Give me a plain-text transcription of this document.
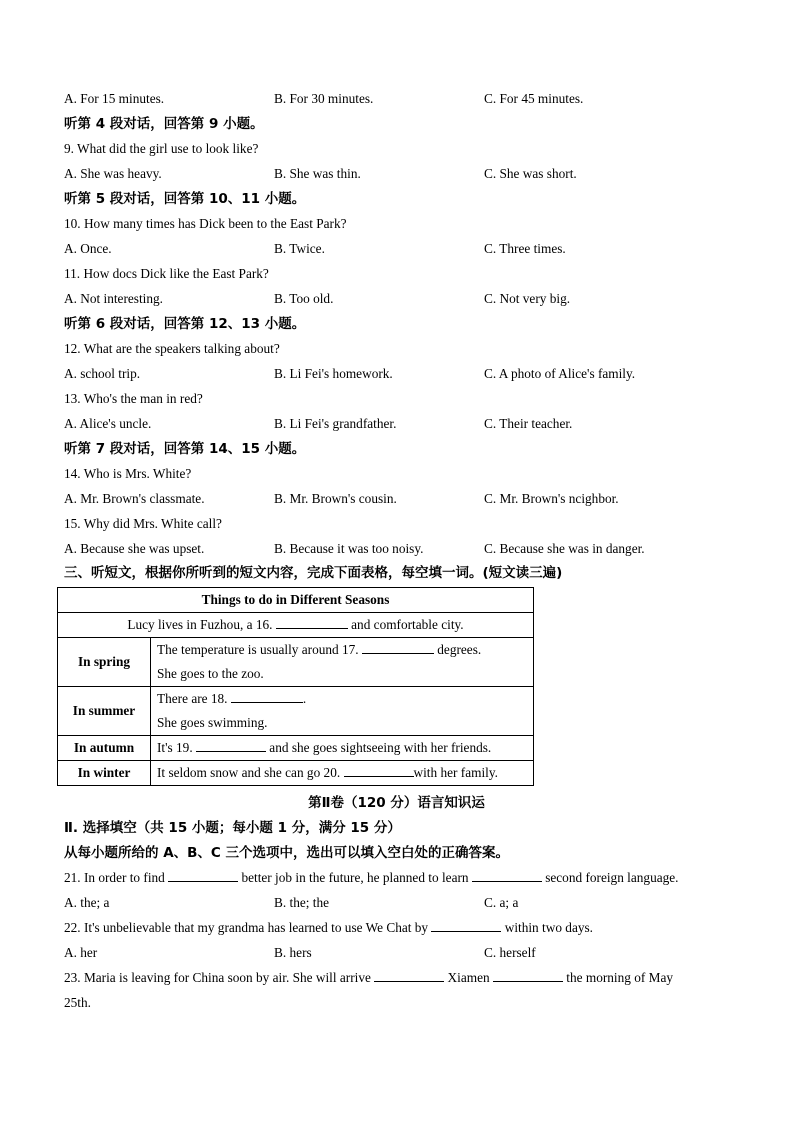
A. For 15 minutes.	B. For 30 minutes.	C. For 45 minutes.
听第 4 段对话，回答第 9 小题。
9. What did the girl use to look like?
A. She was heavy.	B. She was thin.	C. She was short.
听第 5 段对话，回答第 10、11 小题。
10. How many times has Dick been to the East Park?
A. Once.	B. Twice.	C. Three times.
11. How docs Dick like the East Park?
A. Not interesting.	B. Too old.	C. Not very big.
听第 6 段对话，回答第 12、13 小题。
12. What are the speakers talking about?
A. school trip.	B. Li Fei's homework.	C. A photo of Alice's family.
13. Who's the man in red?
A. Alice's uncle.	B. Li Fei's grandfather.	C. Their teacher.
听第 7 段对话，回答第 14、15 小题。
14. Who is Mrs. White?
A. Mr. Brown's classmate.	B. Mr. Brown's cousin.	C. Mr. Brown's ncighbor.
15. Why did Mrs. White call?
A. Because she was upset.	B. Because it was too noisy.	C. Because she was in danger.
三、听短文，根据你所听到的短文内容，完成下面表格，每空填一词。(短文读三遍)
Things to do in Different Seasons	
Lucy lives in Fuzhou, a 16. and comfortable city.	
In spring	The temperature is usually around 17. degrees.
She goes to the zoo.

In summer	There are 18. .
She goes swimming.

In autumn	It's 19. and she goes sightseeing with her friends.
In winter	It seldom snow and she can go 20. with her family.
第Ⅱ卷（120 分）语言知识运
Ⅱ. 选择填空（共 15 小题；每小题 1 分，满分 15 分）
从每小题所给的 A、B、C 三个选项中，选出可以填入空白处的正确答案。
21. In order to find	better job in the future, he planned to learn	second foreign language.
A. the; a	B. the; the	C. a; a
22. It's unbelievable that my grandma has learned to use We Chat by	within two days.
A. her	B. hers	C. herself
23. Maria is leaving for China soon by air. She will arrive	Xiamen	the morning of May
25th.
